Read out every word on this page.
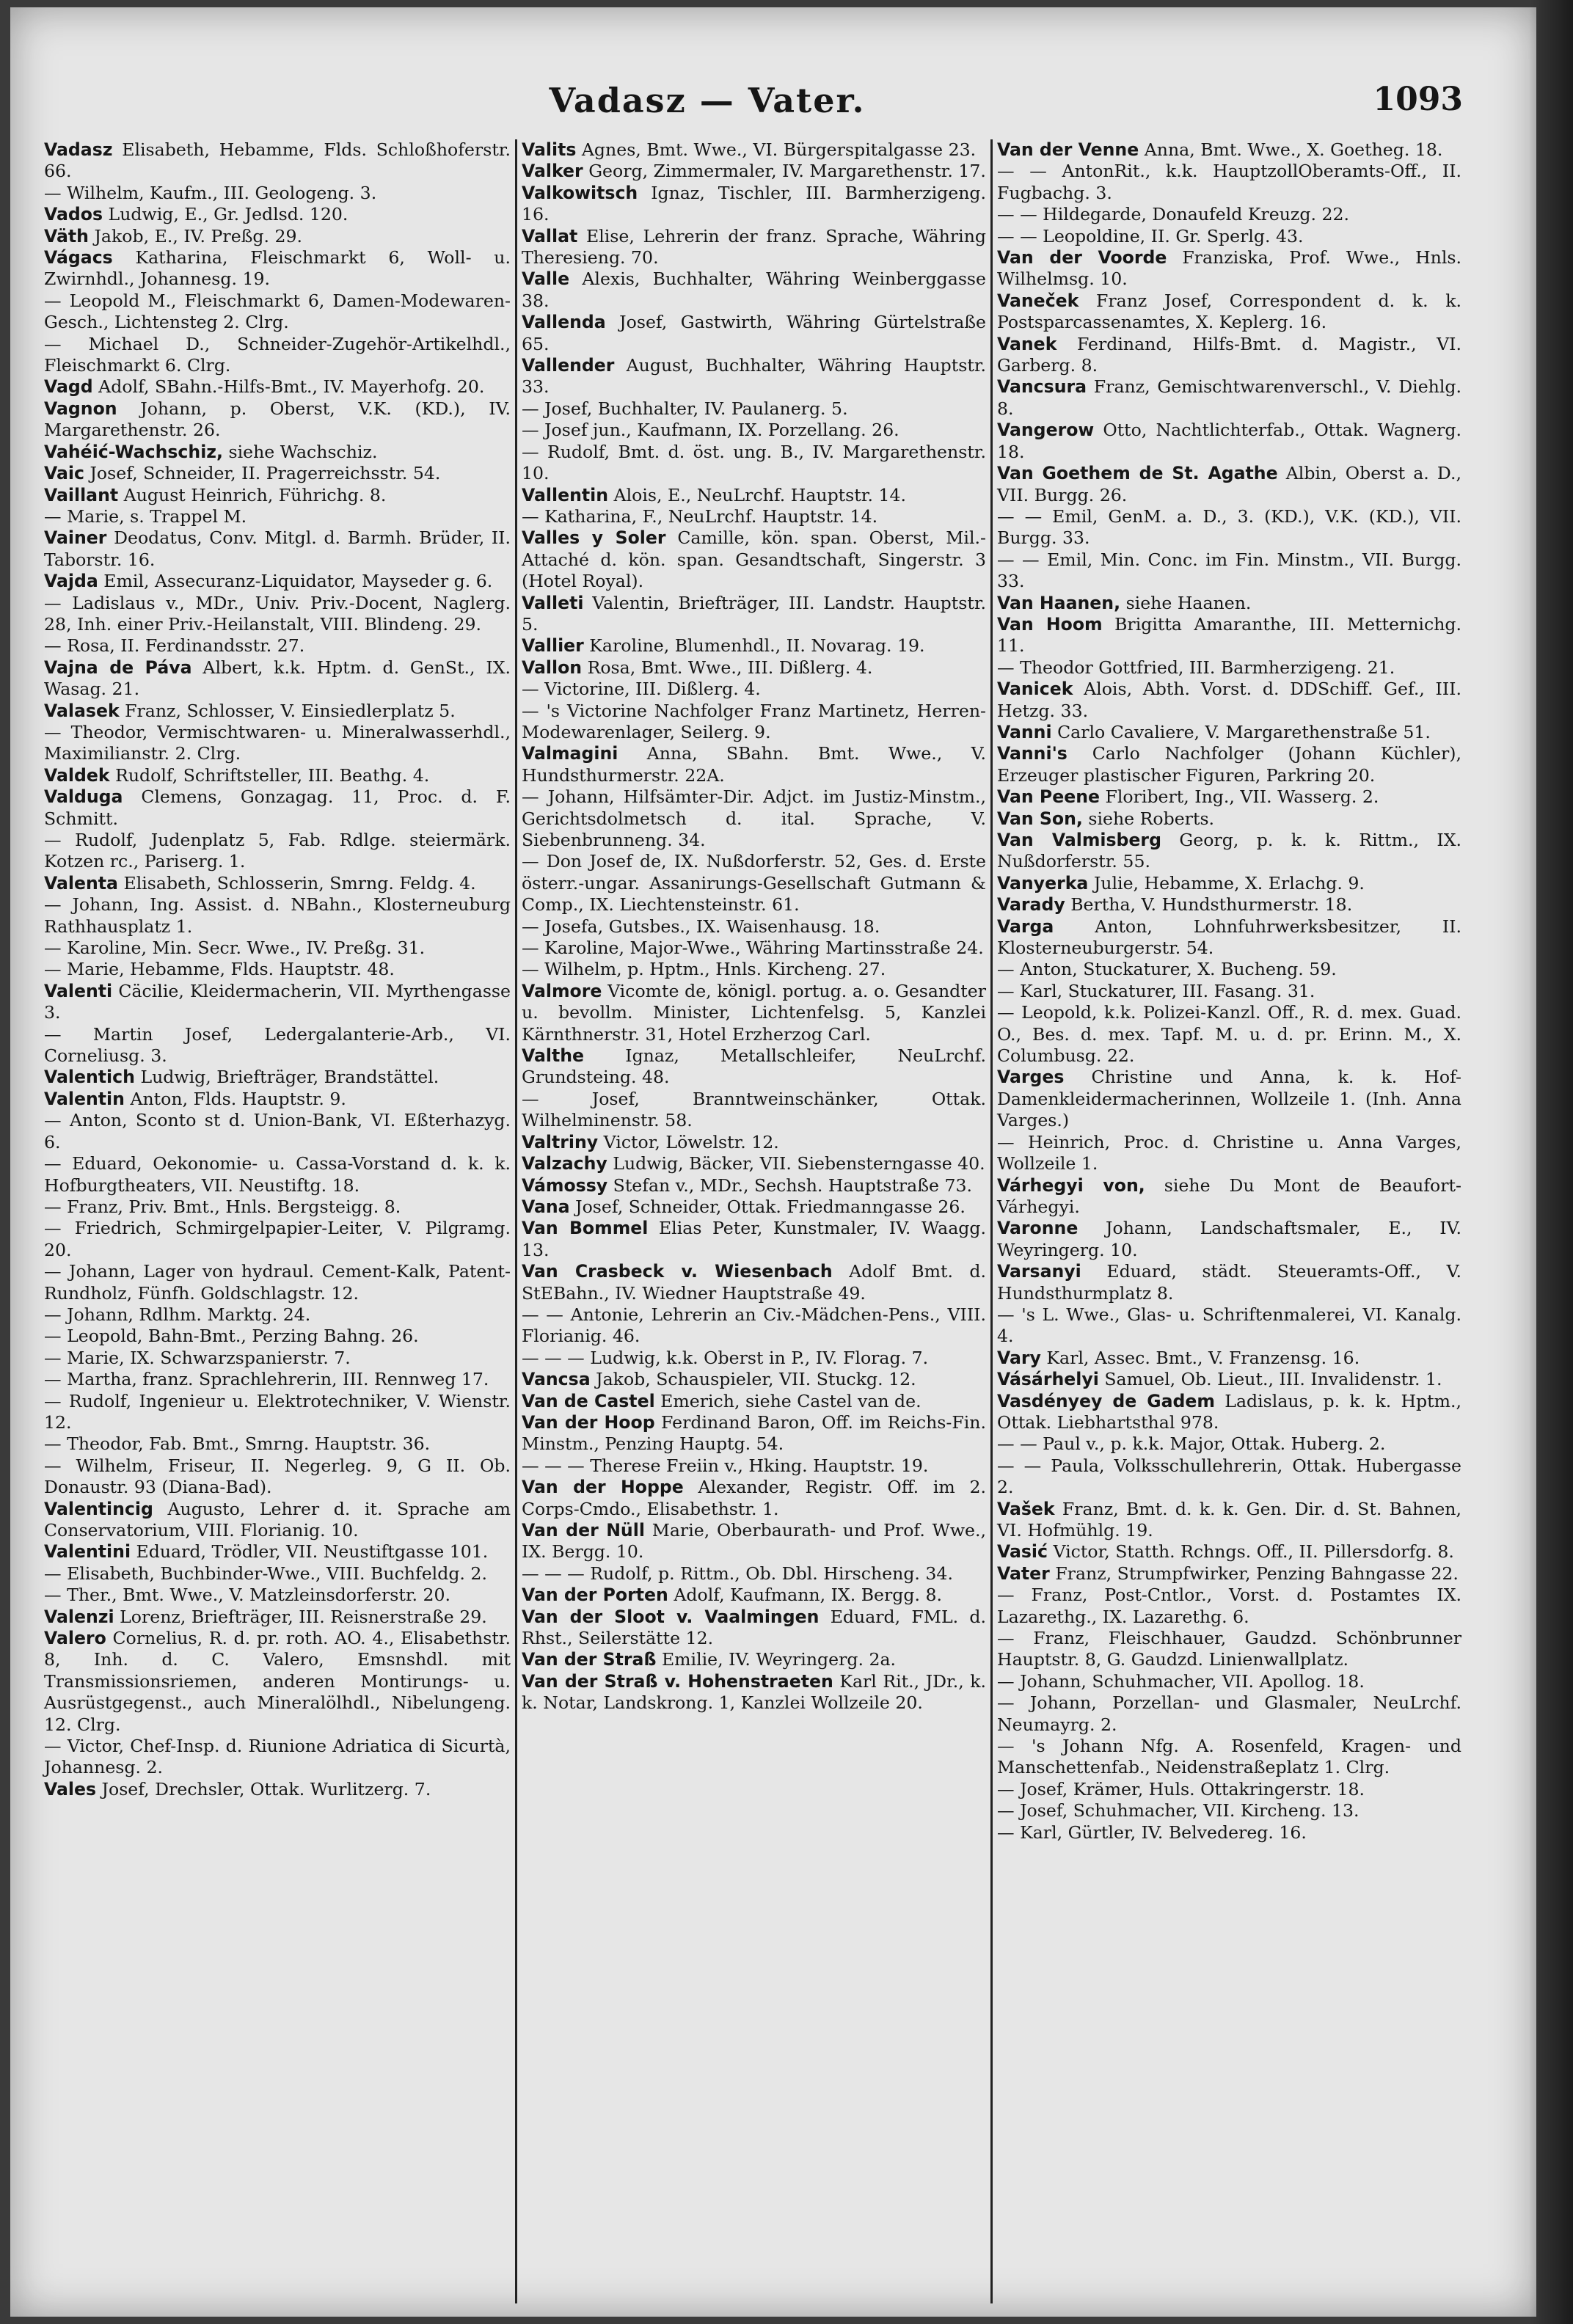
Vadasz — Vater.	1093

Vadasz Elisabeth, Hebamme, Flds. Schloßhoferstr. 66.

— Wilhelm, Kaufm., III. Geologeng. 3.

Vados Ludwig, E., Gr. Jedlsd. 120.

Väth Jakob, E., IV. Preßg. 29.

Vágacs Katharina, Fleischmarkt 6, Woll- u. Zwirnhdl., Johannesg. 19.

— Leopold M., Fleischmarkt 6, Damen-Modewaren-Gesch., Lichtensteg 2. Clrg.

— Michael D., Schneider-Zugehör-Artikelhdl., Fleischmarkt 6. Clrg.

Vagd Adolf, SBahn.-Hilfs-Bmt., IV. Mayerhofg. 20.

Vagnon Johann, p. Oberst, V.K. (KD.), IV. Margarethenstr. 26.

Vahéić-Wachschiz, siehe Wachschiz.

Vaic Josef, Schneider, II. Pragerreichsstr. 54.

Vaillant August Heinrich, Führichg. 8.

— Marie, s. Trappel M.

Vainer Deodatus, Conv. Mitgl. d. Barmh. Brüder, II. Taborstr. 16.

Vajda Emil, Assecuranz-Liquidator, Mayseder g. 6.

— Ladislaus v., MDr., Univ. Priv.-Docent, Naglerg. 28, Inh. einer Priv.-Heilanstalt, VIII. Blindeng. 29.

— Rosa, II. Ferdinandsstr. 27.

Vajna de Páva Albert, k.k. Hptm. d. GenSt., IX. Wasag. 21.

Valasek Franz, Schlosser, V. Einsiedlerplatz 5.

— Theodor, Vermischtwaren- u. Mineralwasserhdl., Maximilianstr. 2. Clrg.

Valdek Rudolf, Schriftsteller, III. Beathg. 4.

Valduga Clemens, Gonzagag. 11, Proc. d. F. Schmitt.

— Rudolf, Judenplatz 5, Fab. Rdlge. steiermärk. Kotzen rc., Pariserg. 1.

Valenta Elisabeth, Schlosserin, Smrng. Feldg. 4.

— Johann, Ing. Assist. d. NBahn., Klosterneuburg Rathhausplatz 1.

— Karoline, Min. Secr. Wwe., IV. Preßg. 31.

— Marie, Hebamme, Flds. Hauptstr. 48.

Valenti Cäcilie, Kleidermacherin, VII. Myrthengasse 3.

— Martin Josef, Ledergalanterie-Arb., VI. Corneliusg. 3.

Valentich Ludwig, Briefträger, Brandstättel.

Valentin Anton, Flds. Hauptstr. 9.

— Anton, Sconto st d. Union-Bank, VI. Eßterhazyg. 6.

— Eduard, Oekonomie- u. Cassa-Vorstand d. k. k. Hofburgtheaters, VII. Neustiftg. 18.

— Franz, Priv. Bmt., Hnls. Bergsteigg. 8.

— Friedrich, Schmirgelpapier-Leiter, V. Pilgramg. 20.

— Johann, Lager von hydraul. Cement-Kalk, Patent-Rundholz, Fünfh. Goldschlagstr. 12.

— Johann, Rdlhm. Marktg. 24.

— Leopold, Bahn-Bmt., Perzing Bahng. 26.

— Marie, IX. Schwarzspanierstr. 7.

— Martha, franz. Sprachlehrerin, III. Rennweg 17.

— Rudolf, Ingenieur u. Elektrotechniker, V. Wienstr. 12.

— Theodor, Fab. Bmt., Smrng. Hauptstr. 36.

— Wilhelm, Friseur, II. Negerleg. 9, G II. Ob. Donaustr. 93 (Diana-Bad).

Valentincig Augusto, Lehrer d. it. Sprache am Conservatorium, VIII. Florianig. 10.

Valentini Eduard, Trödler, VII. Neustiftgasse 101.

— Elisabeth, Buchbinder-Wwe., VIII. Buchfeldg. 2.

— Ther., Bmt. Wwe., V. Matzleinsdorferstr. 20.

Valenzi Lorenz, Briefträger, III. Reisnerstraße 29.

Valero Cornelius, R. d. pr. roth. AO. 4., Elisabethstr. 8, Inh. d. C. Valero, Emsnshdl. mit Transmissionsriemen, anderen Montirungs- u. Ausrüstgegenst., auch Mineralölhdl., Nibelungeng. 12. Clrg.

— Victor, Chef-Insp. d. Riunione Adriatica di Sicurtà, Johannesg. 2.

Vales Josef, Drechsler, Ottak. Wurlitzerg. 7.

Valits Agnes, Bmt. Wwe., VI. Bürgerspitalgasse 23.

Valker Georg, Zimmermaler, IV. Margarethenstr. 17.

Valkowitsch Ignaz, Tischler, III. Barmherzigeng. 16.

Vallat Elise, Lehrerin der franz. Sprache, Währing Theresieng. 70.

Valle Alexis, Buchhalter, Währing Weinberggasse 38.

Vallenda Josef, Gastwirth, Währing Gürtelstraße 65.

Vallender August, Buchhalter, Währing Hauptstr. 33.

— Josef, Buchhalter, IV. Paulanerg. 5.

— Josef jun., Kaufmann, IX. Porzellang. 26.

— Rudolf, Bmt. d. öst. ung. B., IV. Margarethenstr. 10.

Vallentin Alois, E., NeuLrchf. Hauptstr. 14.

— Katharina, F., NeuLrchf. Hauptstr. 14.

Valles y Soler Camille, kön. span. Oberst, Mil.-Attaché d. kön. span. Gesandtschaft, Singerstr. 3 (Hotel Royal).

Valleti Valentin, Briefträger, III. Landstr. Hauptstr. 5.

Vallier Karoline, Blumenhdl., II. Novarag. 19.

Vallon Rosa, Bmt. Wwe., III. Dißlerg. 4.

— Victorine, III. Dißlerg. 4.

— 's Victorine Nachfolger Franz Martinetz, Herren-Modewarenlager, Seilerg. 9.

Valmagini Anna, SBahn. Bmt. Wwe., V. Hundsthurmerstr. 22A.

— Johann, Hilfsämter-Dir. Adjct. im Justiz-Minstm., Gerichtsdolmetsch d. ital. Sprache, V. Siebenbrunneng. 34.

— Don Josef de, IX. Nußdorferstr. 52, Ges. d. Erste österr.-ungar. Assanirungs-Gesellschaft Gutmann & Comp., IX. Liechtensteinstr. 61.

— Josefa, Gutsbes., IX. Waisenhausg. 18.

— Karoline, Major-Wwe., Währing Martinsstraße 24.

— Wilhelm, p. Hptm., Hnls. Kircheng. 27.

Valmore Vicomte de, königl. portug. a. o. Gesandter u. bevollm. Minister, Lichtenfelsg. 5, Kanzlei Kärnthnerstr. 31, Hotel Erzherzog Carl.

Valthe Ignaz, Metallschleifer, NeuLrchf. Grundsteing. 48.

— Josef, Branntweinschänker, Ottak. Wilhelminenstr. 58.

Valtriny Victor, Löwelstr. 12.

Valzachy Ludwig, Bäcker, VII. Siebensterngasse 40.

Vámossy Stefan v., MDr., Sechsh. Hauptstraße 73.

Vana Josef, Schneider, Ottak. Friedmanngasse 26.

Van Bommel Elias Peter, Kunstmaler, IV. Waagg. 13.

Van Crasbeck v. Wiesenbach Adolf Bmt. d. StEBahn., IV. Wiedner Hauptstraße 49.

— — Antonie, Lehrerin an Civ.-Mädchen-Pens., VIII. Florianig. 46.

— — — Ludwig, k.k. Oberst in P., IV. Florag. 7.

Vancsa Jakob, Schauspieler, VII. Stuckg. 12.

Van de Castel Emerich, siehe Castel van de.

Van der Hoop Ferdinand Baron, Off. im Reichs-Fin. Minstm., Penzing Hauptg. 54.

— — — Therese Freiin v., Hking. Hauptstr. 19.

Van der Hoppe Alexander, Registr. Off. im 2. Corps-Cmdo., Elisabethstr. 1.

Van der Nüll Marie, Oberbaurath- und Prof. Wwe., IX. Bergg. 10.

— — — Rudolf, p. Rittm., Ob. Dbl. Hirscheng. 34.

Van der Porten Adolf, Kaufmann, IX. Bergg. 8.

Van der Sloot v. Vaalmingen Eduard, FML. d. Rhst., Seilerstätte 12.

Van der Straß Emilie, IV. Weyringerg. 2a.

Van der Straß v. Hohenstraeten Karl Rit., JDr., k. k. Notar, Landskrong. 1, Kanzlei Wollzeile 20.

Van der Venne Anna, Bmt. Wwe., X. Goetheg. 18.

— — AntonRit., k.k. HauptzollOberamts-Off., II. Fugbachg. 3.

— — Hildegarde, Donaufeld Kreuzg. 22.

— — Leopoldine, II. Gr. Sperlg. 43.

Van der Voorde Franziska, Prof. Wwe., Hnls. Wilhelmsg. 10.

Vaneček Franz Josef, Correspondent d. k. k. Postsparcassenamtes, X. Keplerg. 16.

Vanek Ferdinand, Hilfs-Bmt. d. Magistr., VI. Garberg. 8.

Vancsura Franz, Gemischtwarenverschl., V. Diehlg. 8.

Vangerow Otto, Nachtlichterfab., Ottak. Wagnerg. 18.

Van Goethem de St. Agathe Albin, Oberst a. D., VII. Burgg. 26.

— — Emil, GenM. a. D., 3. (KD.), V.K. (KD.), VII. Burgg. 33.

— — Emil, Min. Conc. im Fin. Minstm., VII. Burgg. 33.

Van Haanen, siehe Haanen.

Van Hoom Brigitta Amaranthe, III. Metternichg. 11.

— Theodor Gottfried, III. Barmherzigeng. 21.

Vanicek Alois, Abth. Vorst. d. DDSchiff. Gef., III. Hetzg. 33.

Vanni Carlo Cavaliere, V. Margarethenstraße 51.

Vanni's Carlo Nachfolger (Johann Küchler), Erzeuger plastischer Figuren, Parkring 20.

Van Peene Floribert, Ing., VII. Wasserg. 2.

Van Son, siehe Roberts.

Van Valmisberg Georg, p. k. k. Rittm., IX. Nußdorferstr. 55.

Vanyerka Julie, Hebamme, X. Erlachg. 9.

Varady Bertha, V. Hundsthurmerstr. 18.

Varga Anton, Lohnfuhrwerksbesitzer, II. Klosterneuburgerstr. 54.

— Anton, Stuckaturer, X. Bucheng. 59.

— Karl, Stuckaturer, III. Fasang. 31.

— Leopold, k.k. Polizei-Kanzl. Off., R. d. mex. Guad. O., Bes. d. mex. Tapf. M. u. d. pr. Erinn. M., X. Columbusg. 22.

Varges Christine und Anna, k. k. Hof-Damenkleidermacherinnen, Wollzeile 1. (Inh. Anna Varges.)

— Heinrich, Proc. d. Christine u. Anna Varges, Wollzeile 1.

Várhegyi von, siehe Du Mont de Beaufort-Várhegyi.

Varonne Johann, Landschaftsmaler, E., IV. Weyringerg. 10.

Varsanyi Eduard, städt. Steueramts-Off., V. Hundsthurmplatz 8.

— 's L. Wwe., Glas- u. Schriftenmalerei, VI. Kanalg. 4.

Vary Karl, Assec. Bmt., V. Franzensg. 16.

Vásárhelyi Samuel, Ob. Lieut., III. Invalidenstr. 1.

Vasdényey de Gadem Ladislaus, p. k. k. Hptm., Ottak. Liebhartsthal 978.

— — Paul v., p. k.k. Major, Ottak. Huberg. 2.

— — Paula, Volksschullehrerin, Ottak. Hubergasse 2.

Vašek Franz, Bmt. d. k. k. Gen. Dir. d. St. Bahnen, VI. Hofmühlg. 19.

Vasić Victor, Statth. Rchngs. Off., II. Pillersdorfg. 8.

Vater Franz, Strumpfwirker, Penzing Bahngasse 22.

— Franz, Post-Cntlor., Vorst. d. Postamtes IX. Lazarethg., IX. Lazarethg. 6.

— Franz, Fleischhauer, Gaudzd. Schönbrunner Hauptstr. 8, G. Gaudzd. Linienwallplatz.

— Johann, Schuhmacher, VII. Apollog. 18.

— Johann, Porzellan- und Glasmaler, NeuLrchf. Neumayrg. 2.

— 's Johann Nfg. A. Rosenfeld, Kragen- und Manschettenfab., Neidenstraßeplatz 1. Clrg.

— Josef, Krämer, Huls. Ottakringerstr. 18.

— Josef, Schuhmacher, VII. Kircheng. 13.

— Karl, Gürtler, IV. Belvedereg. 16.
